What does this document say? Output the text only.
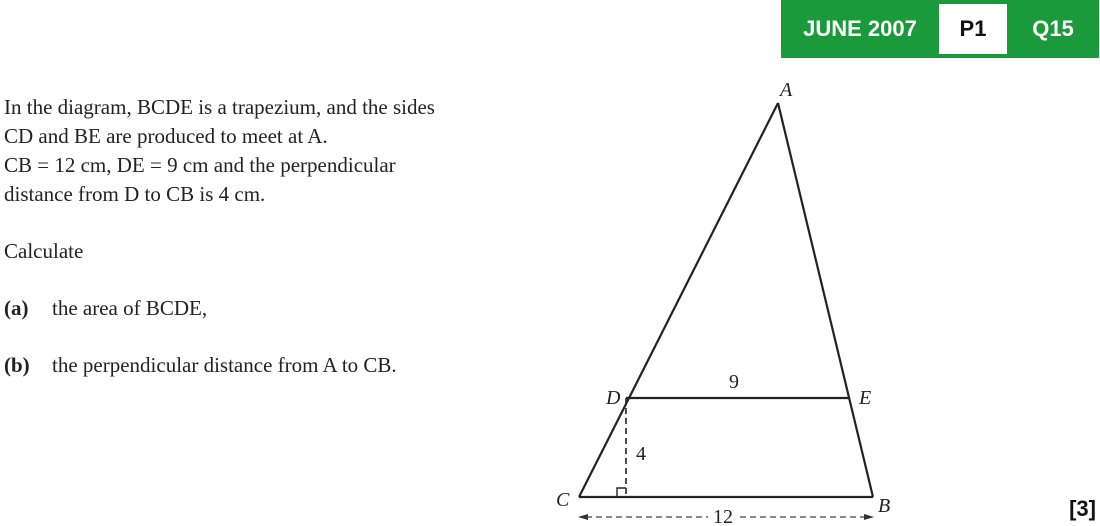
JUNE 2007	P1	Q15

In the diagram, BCDE is a trapezium, and the sides
CD and BE are produced to meet at A.
CB = 12 cm, DE = 9 cm and the perpendicular
distance from D to CB is 4 cm.

Calculate

(a)	the area of BCDE,

(b)	the perpendicular distance from A to CB.

A
B
C
D	E
9
4
12	[3]
